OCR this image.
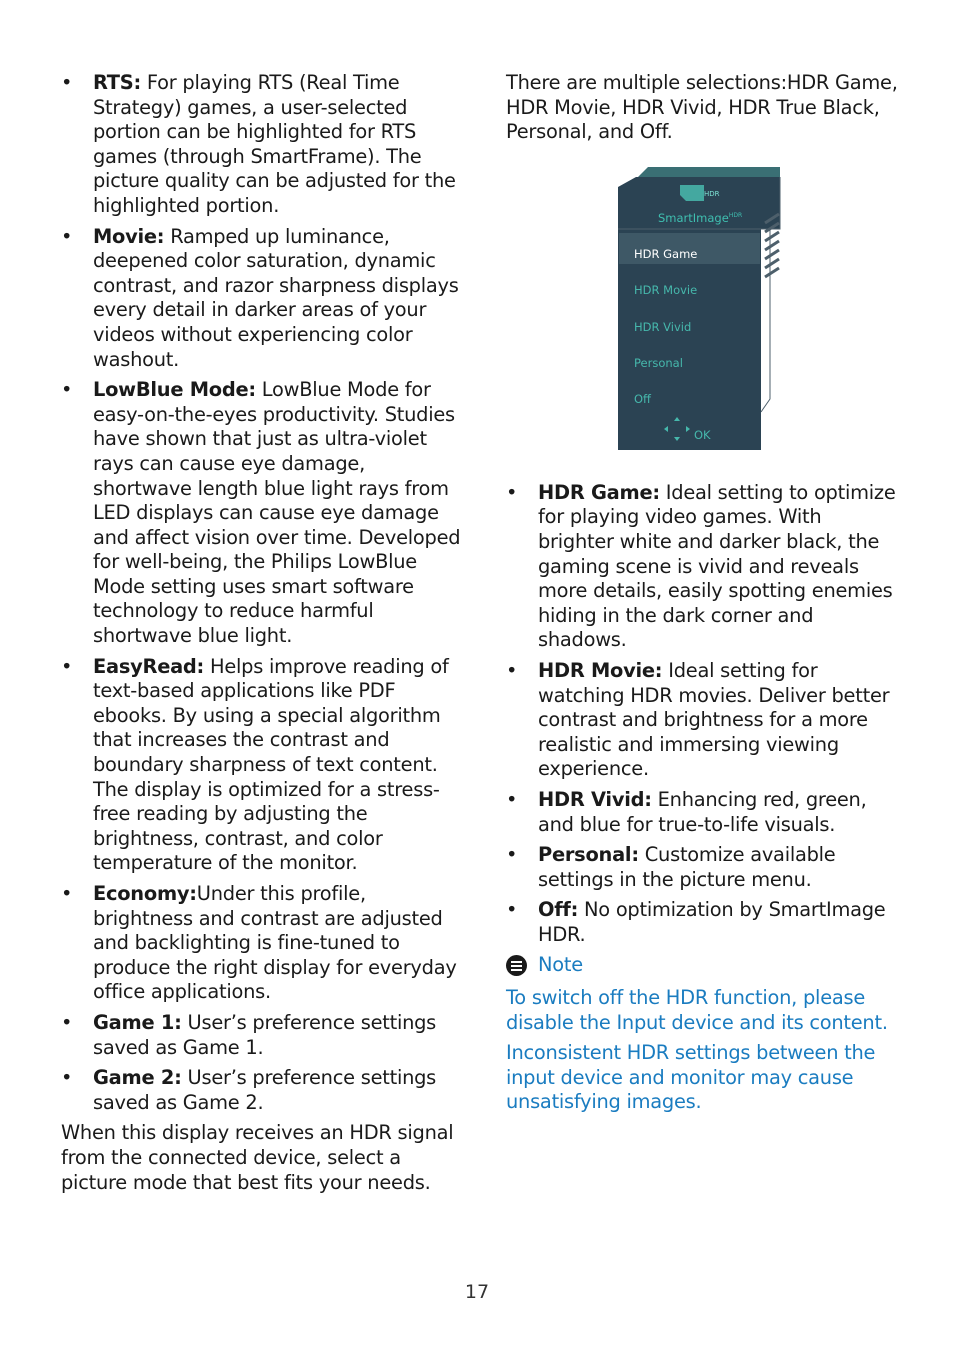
• RTS: For playing RTS (Real Time Strategy) games, a user-selected portion can be highlighted for RTS games (through SmartFrame). The picture quality can be adjusted for the highlighted portion.
• Movie: Ramped up luminance, deepened color saturation, dynamic contrast, and razor sharpness displays every detail in darker areas of your videos without experiencing color washout.
• LowBlue Mode: LowBlue Mode for easy-on-the-eyes productivity. Studies have shown that just as ultra-violet rays can cause eye damage, shortwave length blue light rays from LED displays can cause eye damage and affect vision over time. Developed for well-being, the Philips LowBlue Mode setting uses smart software technology to reduce harmful shortwave blue light.
• EasyRead: Helps improve reading of text-based applications like PDF ebooks. By using a special algorithm that increases the contrast and boundary sharpness of text content. The display is optimized for a stress-free reading by adjusting the brightness, contrast, and color temperature of the monitor.
• Economy:Under this profile, brightness and contrast are adjusted and backlighting is fine-tuned to produce the right display for everyday office applications.
• Game 1: User’s preference settings saved as Game 1.
• Game 2: User’s preference settings saved as Game 2.

When this display receives an HDR signal from the connected device, select a picture mode that best fits your needs.

There are multiple selections:HDR Game, HDR Movie, HDR Vivid, HDR True Black, Personal, and Off.

HDR
SmartImage$^{HDR}$
HDR Game
HDR Movie
HDR Vivid
Personal
Off
OK
• HDR Game: Ideal setting to optimize for playing video games. With brighter white and darker black, the gaming scene is vivid and reveals more details, easily spotting enemies hiding in the dark corner and shadows.
• HDR Movie: Ideal setting for watching HDR movies. Deliver better contrast and brightness for a more realistic and immersing viewing experience.
• HDR Vivid: Enhancing red, green, and blue for true-to-life visuals.
• Personal: Customize available settings in the picture menu.
• Off: No optimization by SmartImage HDR.
Note

To switch off the HDR function, please disable the Input device and its content.

Inconsistent HDR settings between the input device and monitor may cause unsatisfying images.

17
